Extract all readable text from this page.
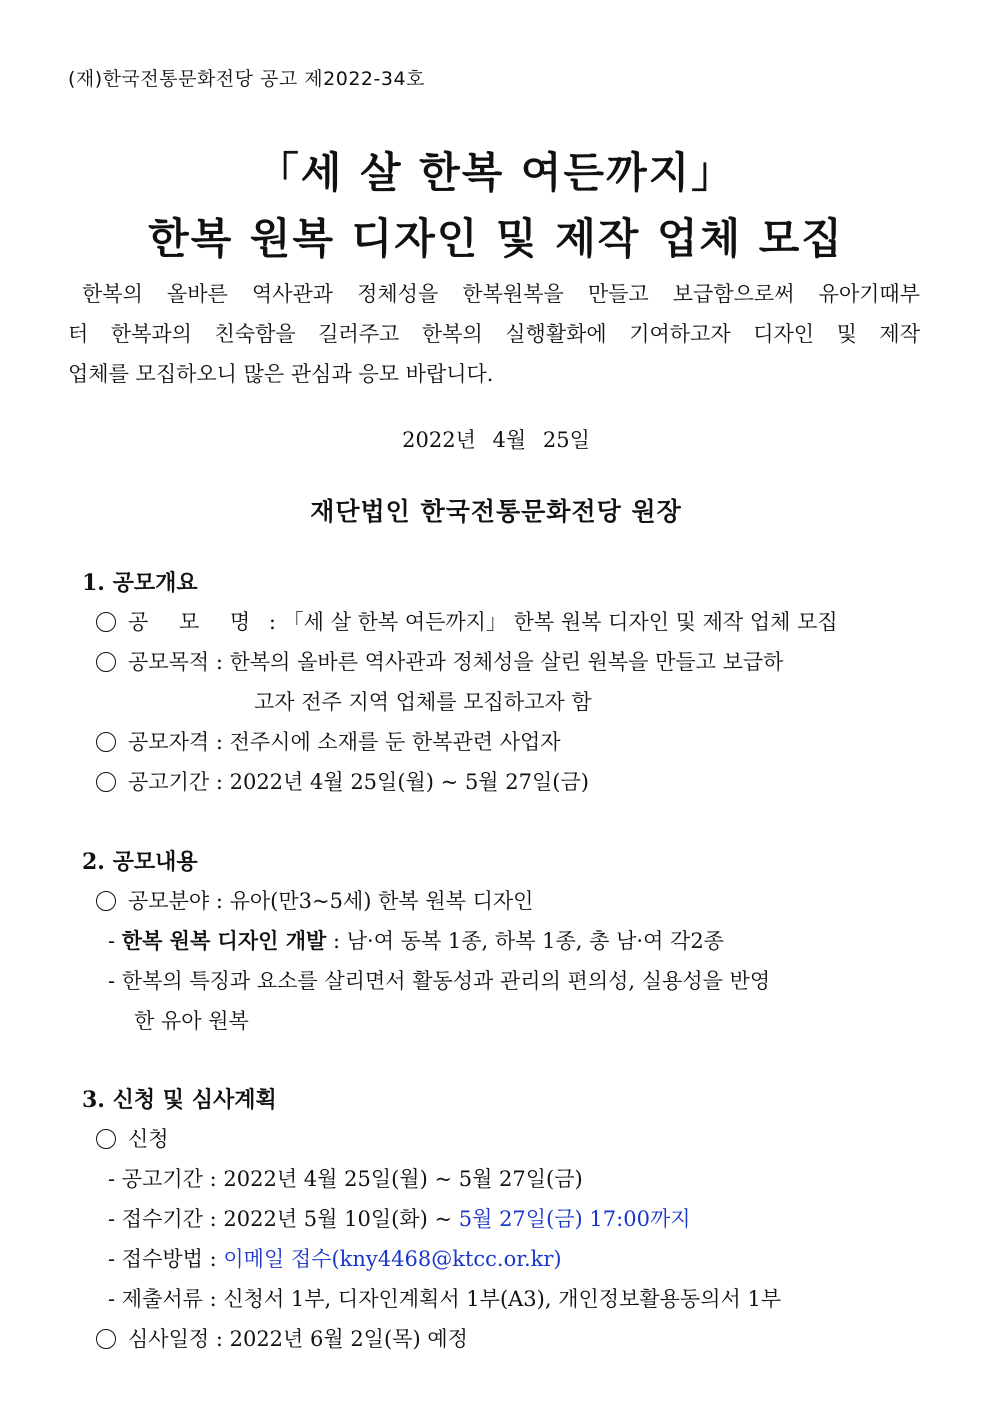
(재)한국전통문화전당 공고 제2022-34호
「세 살 한복 여든까지」
한복 원복 디자인 및 제작 업체 모집
한복의 올바른 역사관과 정체성을 한복원복을 만들고 보급함으로써 유아기때부
터 한복과의 친숙함을 길러주고 한복의 실행활화에 기여하고자 디자인 및 제작
업체를 모집하오니 많은 관심과 응모 바랍니다.
2022년 4월 25일
재단법인 한국전통문화전당 원장
1. 공모개요
공 모 명 : 「세 살 한복 여든까지」 한복 원복 디자인 및 제작 업체 모집
공모목적 : 한복의 올바른 역사관과 정체성을 살린 원복을 만들고 보급하
고자 전주 지역 업체를 모집하고자 함
공모자격 : 전주시에 소재를 둔 한복관련 사업자
공고기간 : 2022년 4월 25일(월) ~ 5월 27일(금)
2. 공모내용
공모분야 : 유아(만3~5세) 한복 원복 디자인
- 한복 원복 디자인 개발 : 남·여 동복 1종, 하복 1종, 총 남·여 각2종
- 한복의 특징과 요소를 살리면서 활동성과 관리의 편의성, 실용성을 반영
한 유아 원복
3. 신청 및 심사계획
신청
- 공고기간 : 2022년 4월 25일(월) ~ 5월 27일(금)
- 접수기간 : 2022년 5월 10일(화) ~ 5월 27일(금) 17:00까지
- 접수방법 : 이메일 접수(kny4468@ktcc.or.kr)
- 제출서류 : 신청서 1부, 디자인계획서 1부(A3), 개인정보활용동의서 1부
심사일정 : 2022년 6월 2일(목) 예정
